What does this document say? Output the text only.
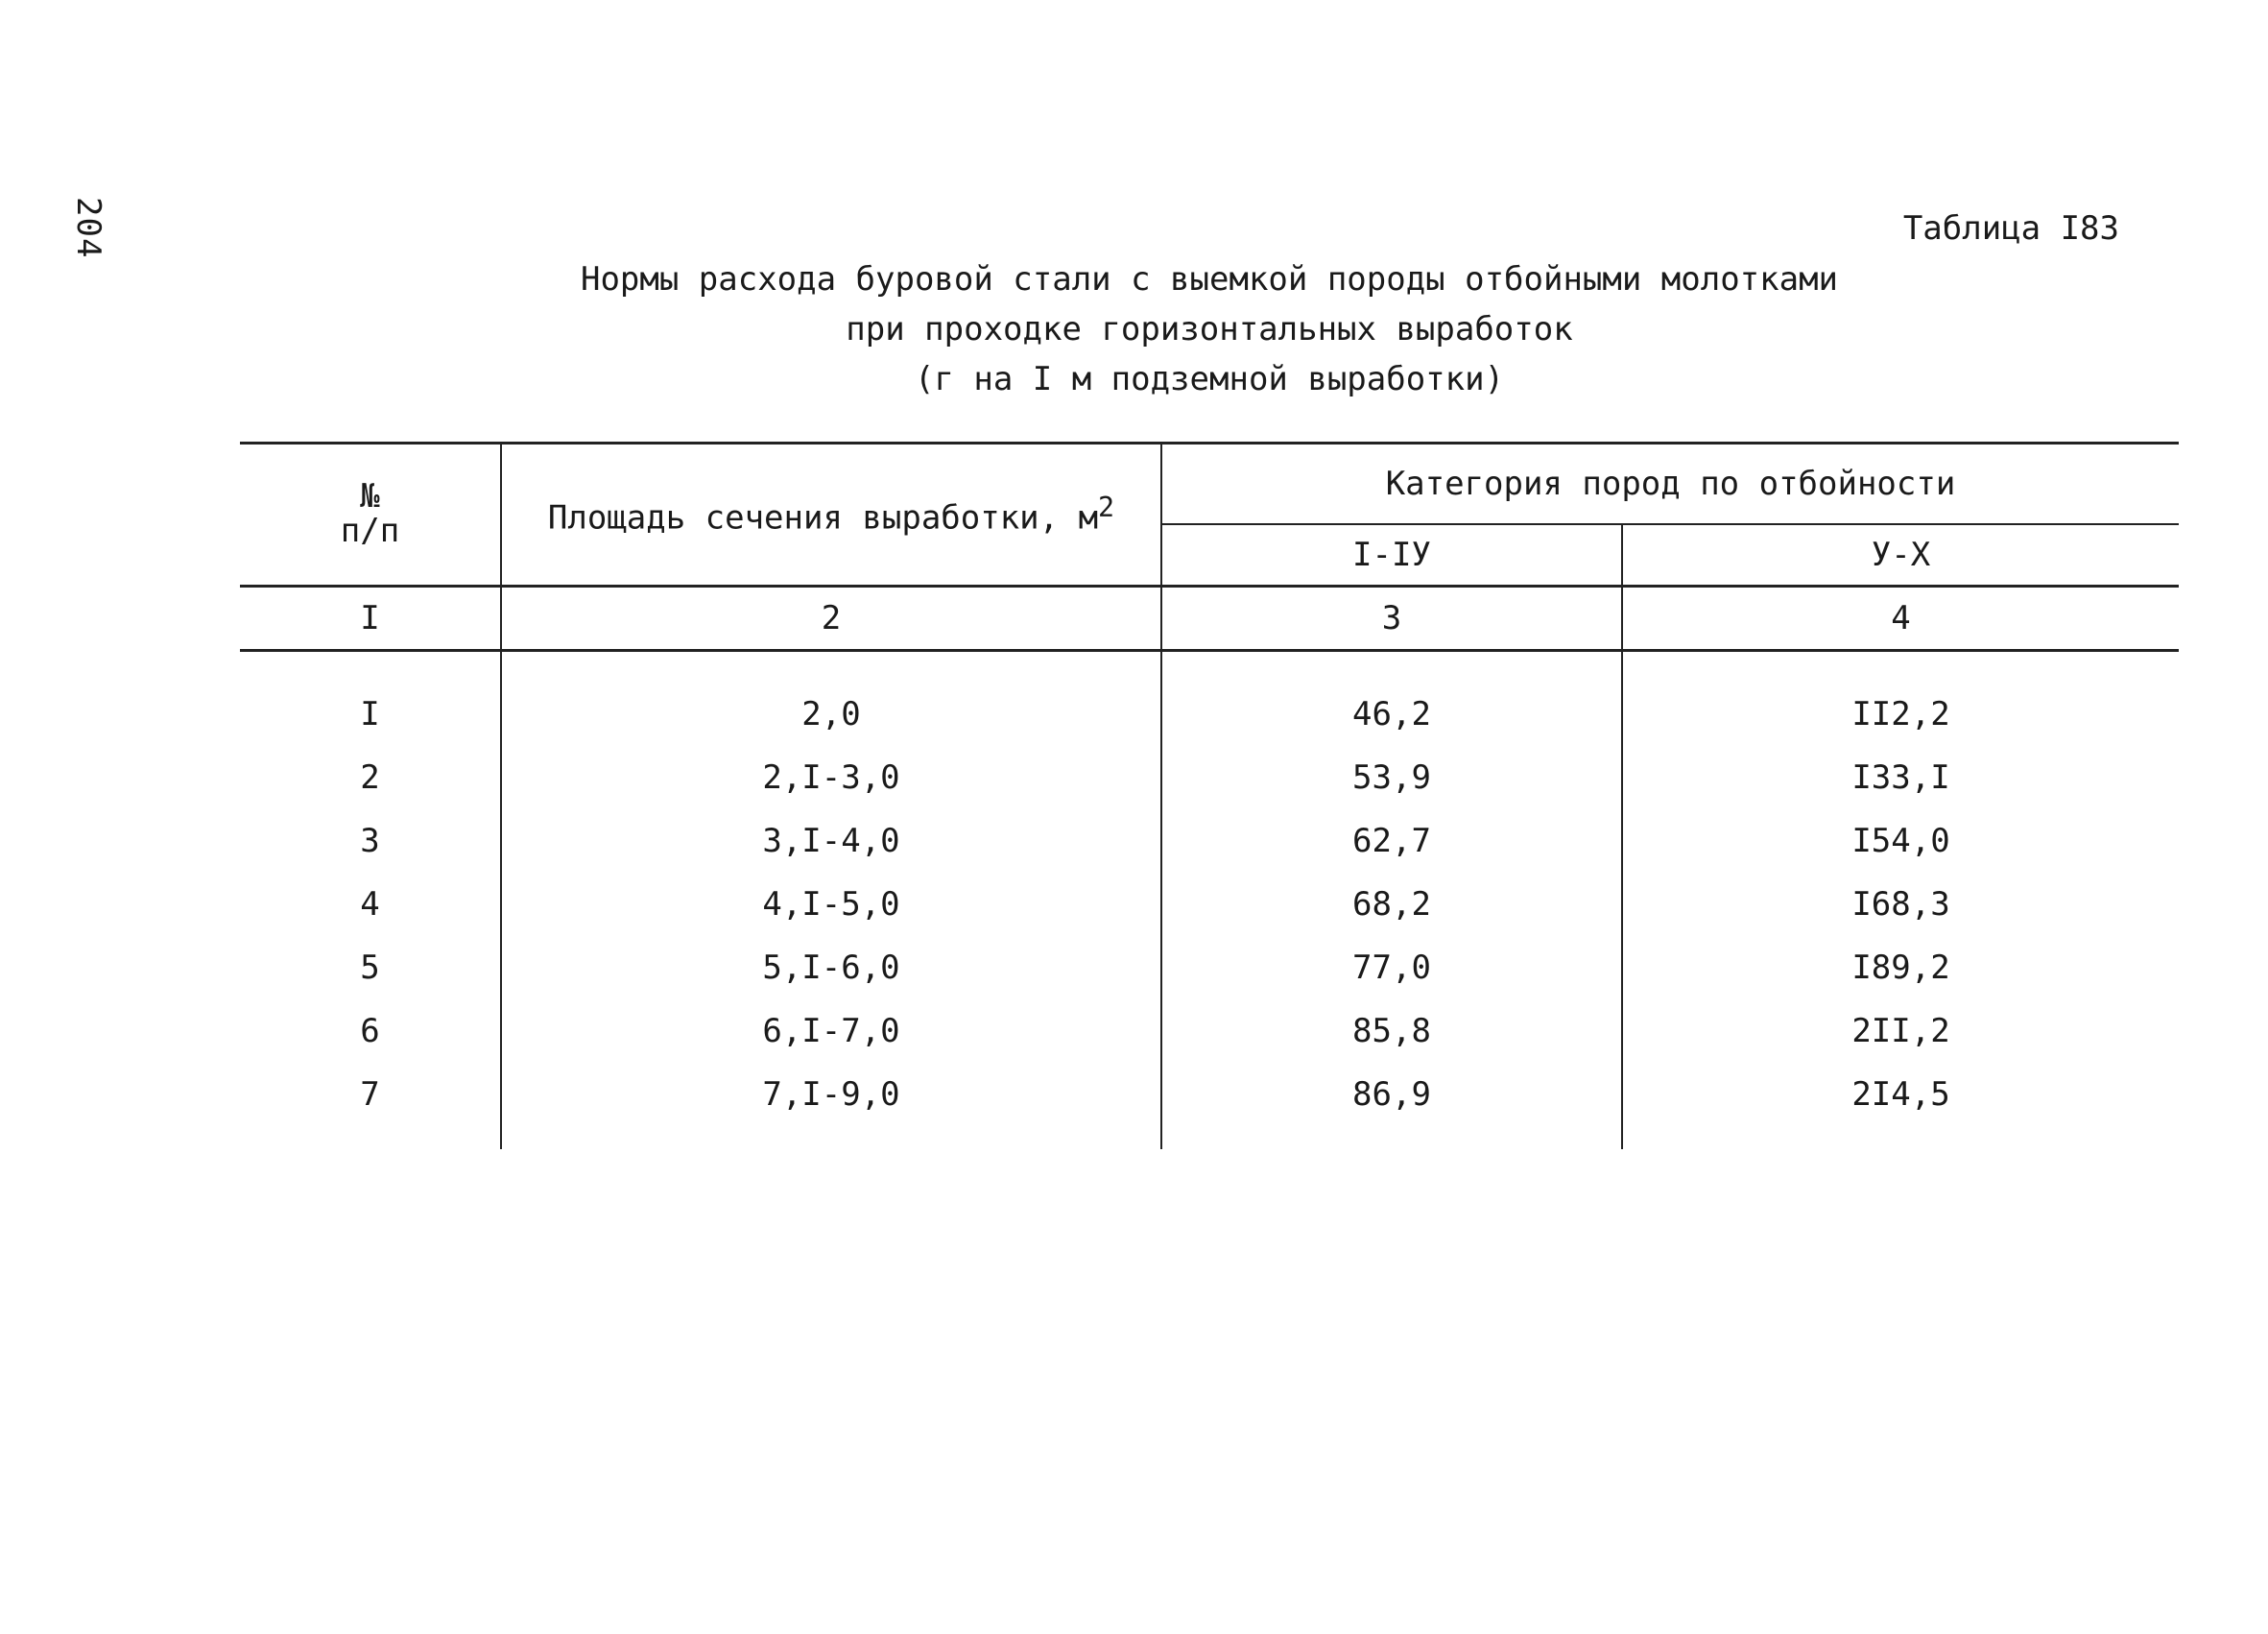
204	Таблица I83
Нормы расхода буровой стали с выемкой породы отбойными молотками
при проходке горизонтальных выработок
(г на I м подземной выработки)
№
п/п	Площадь сечения выработки, $м^2$	Категория пород по отбойности	
		I-IУ	У-Х
I	2	3	4
I	2,0	46,2	II2,2
2	2,I-3,0	53,9	I33,I
3	3,I-4,0	62,7	I54,0
4	4,I-5,0	68,2	I68,3
5	5,I-6,0	77,0	I89,2
6	6,I-7,0	85,8	2II,2
7	7,I-9,0	86,9	2I4,5
